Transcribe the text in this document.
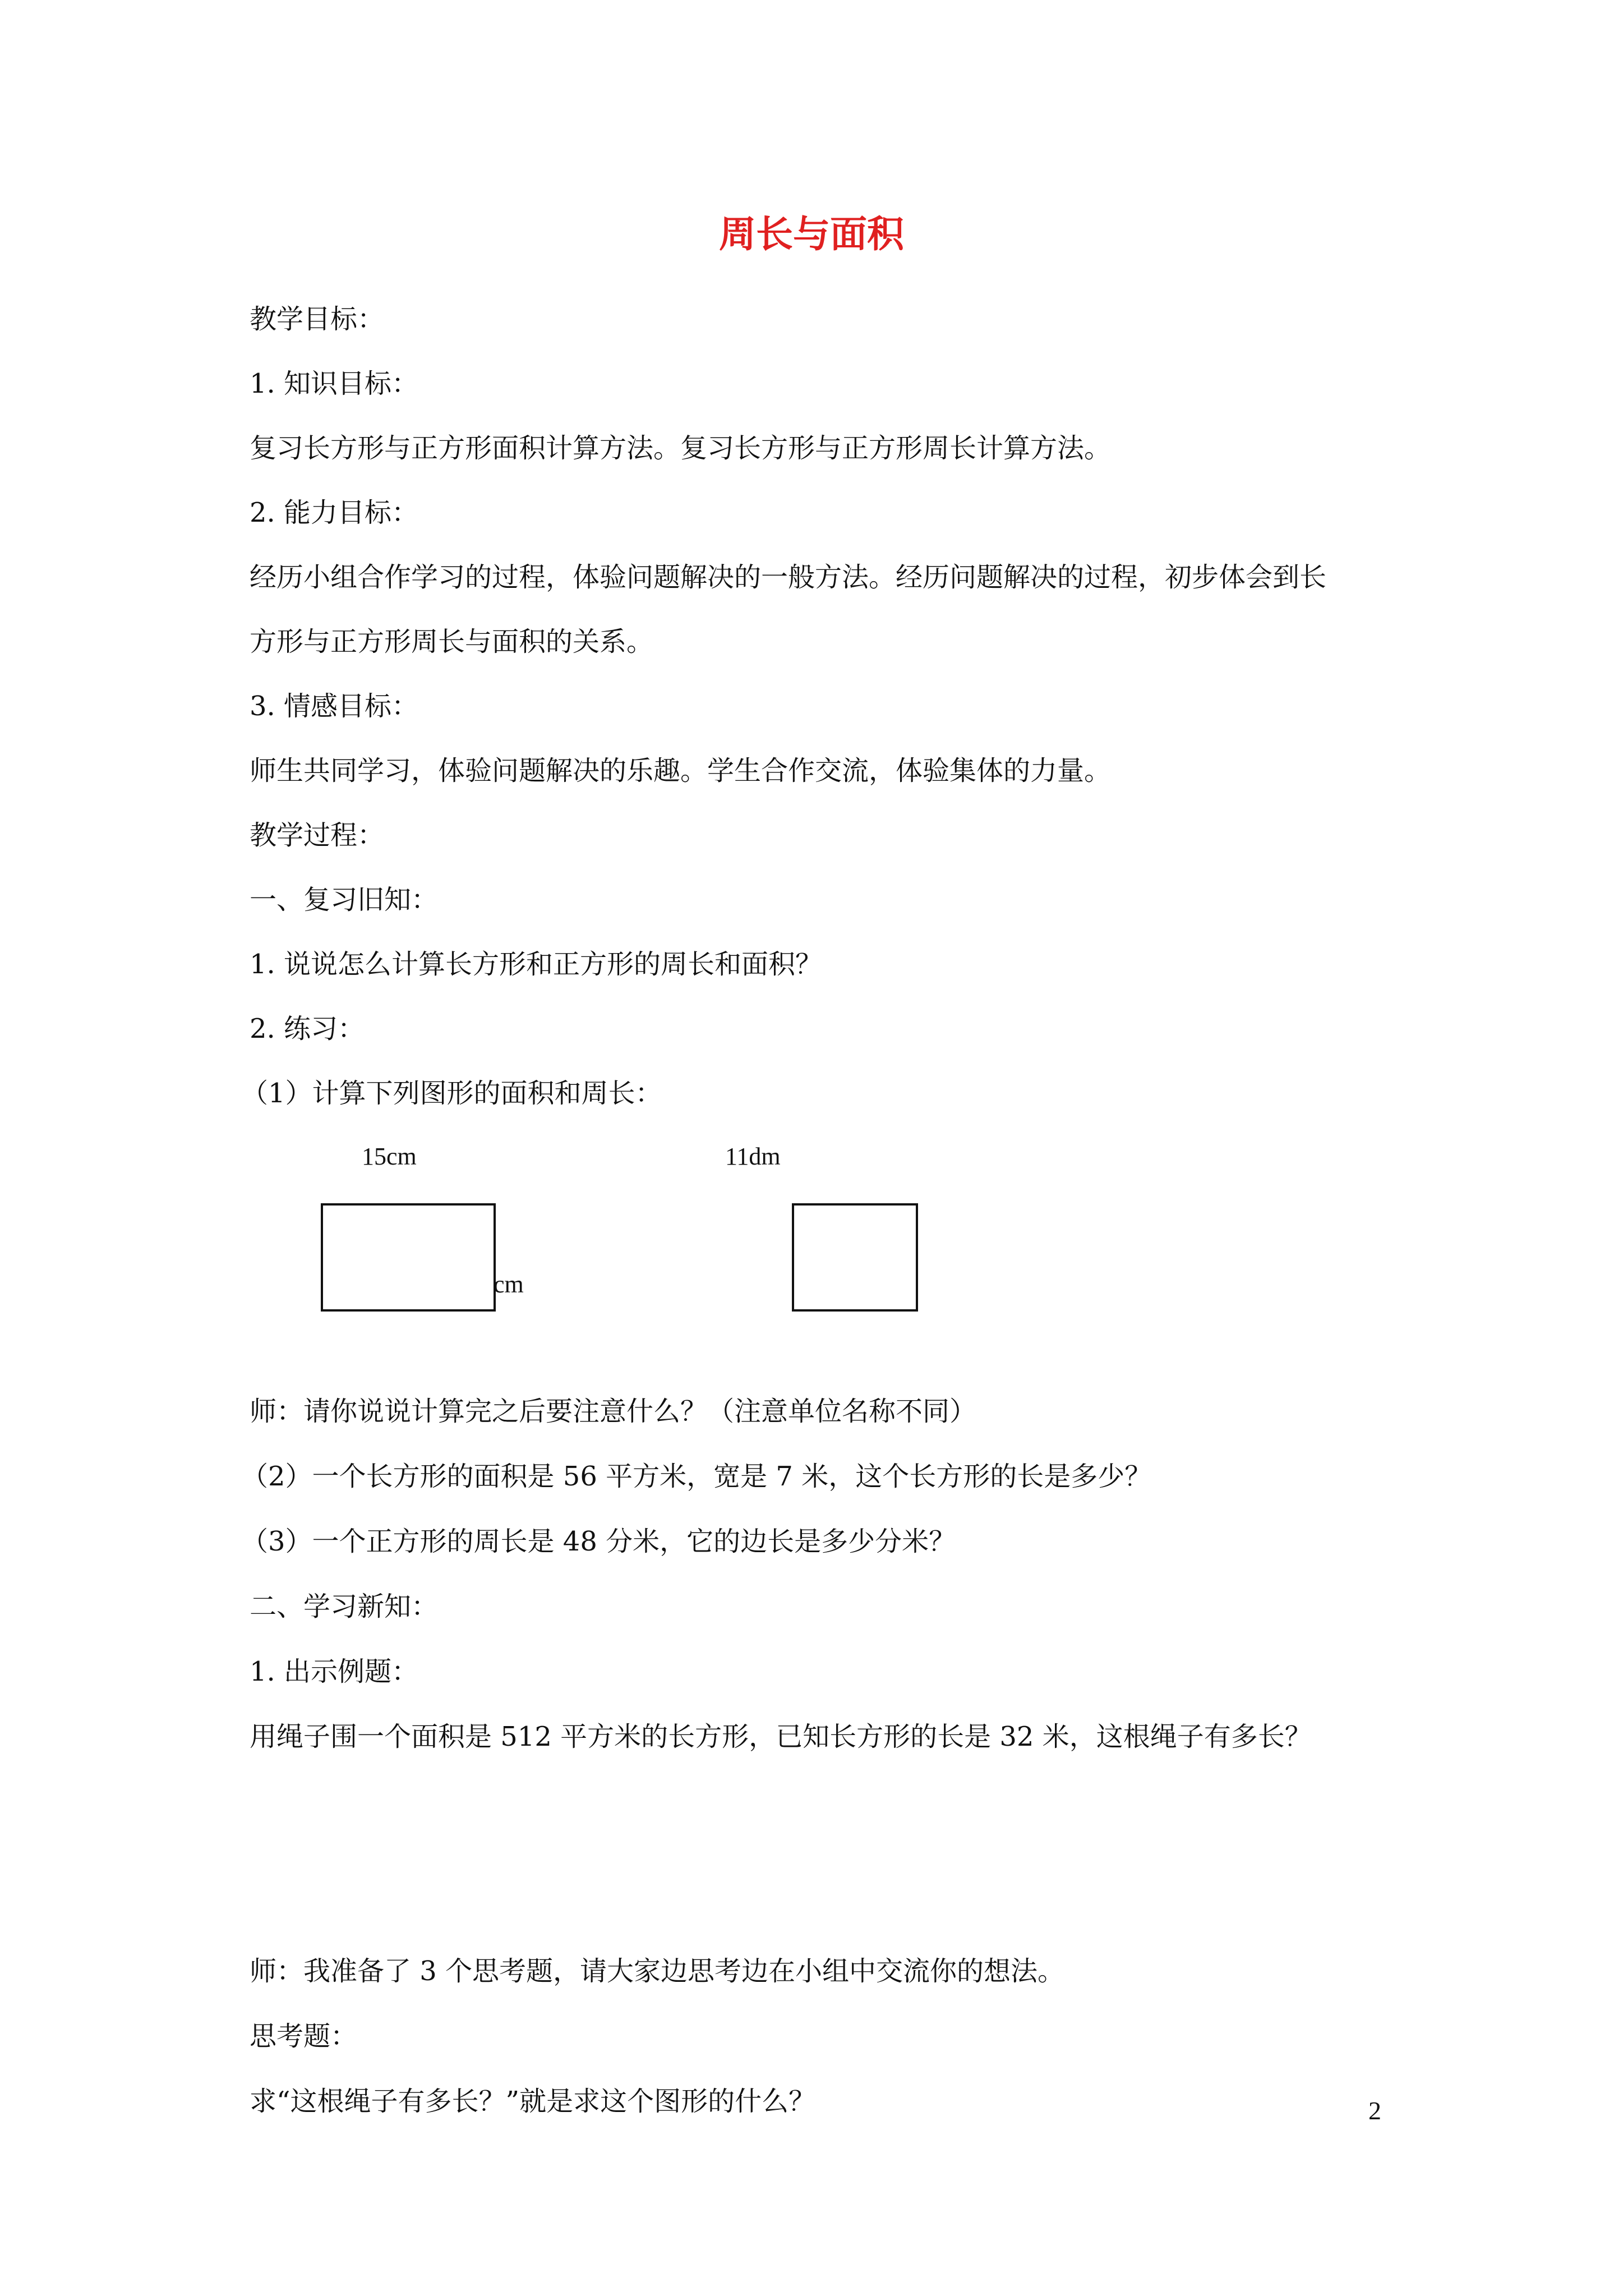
周长与面积
教学目标：
1. 知识目标：
复习长方形与正方形面积计算方法。复习长方形与正方形周长计算方法。
2. 能力目标：
经历小组合作学习的过程，体验问题解决的一般方法。经历问题解决的过程，初步体会到长
方形与正方形周长与面积的关系。
3. 情感目标：
师生共同学习，体验问题解决的乐趣。学生合作交流，体验集体的力量。
教学过程：
一、复习旧知：
1. 说说怎么计算长方形和正方形的周长和面积？
2. 练习：
（1）计算下列图形的面积和周长：
15cm
cm
11dm
师：请你说说计算完之后要注意什么？（注意单位名称不同）
（2）一个长方形的面积是 56 平方米，宽是 7 米，这个长方形的长是多少？
（3）一个正方形的周长是 48 分米，它的边长是多少分米？
二、学习新知：
1. 出示例题：
用绳子围一个面积是 512 平方米的长方形，已知长方形的长是 32 米，这根绳子有多长？
师：我准备了 3 个思考题，请大家边思考边在小组中交流你的想法。
思考题：
求“这根绳子有多长？”就是求这个图形的什么？	2
